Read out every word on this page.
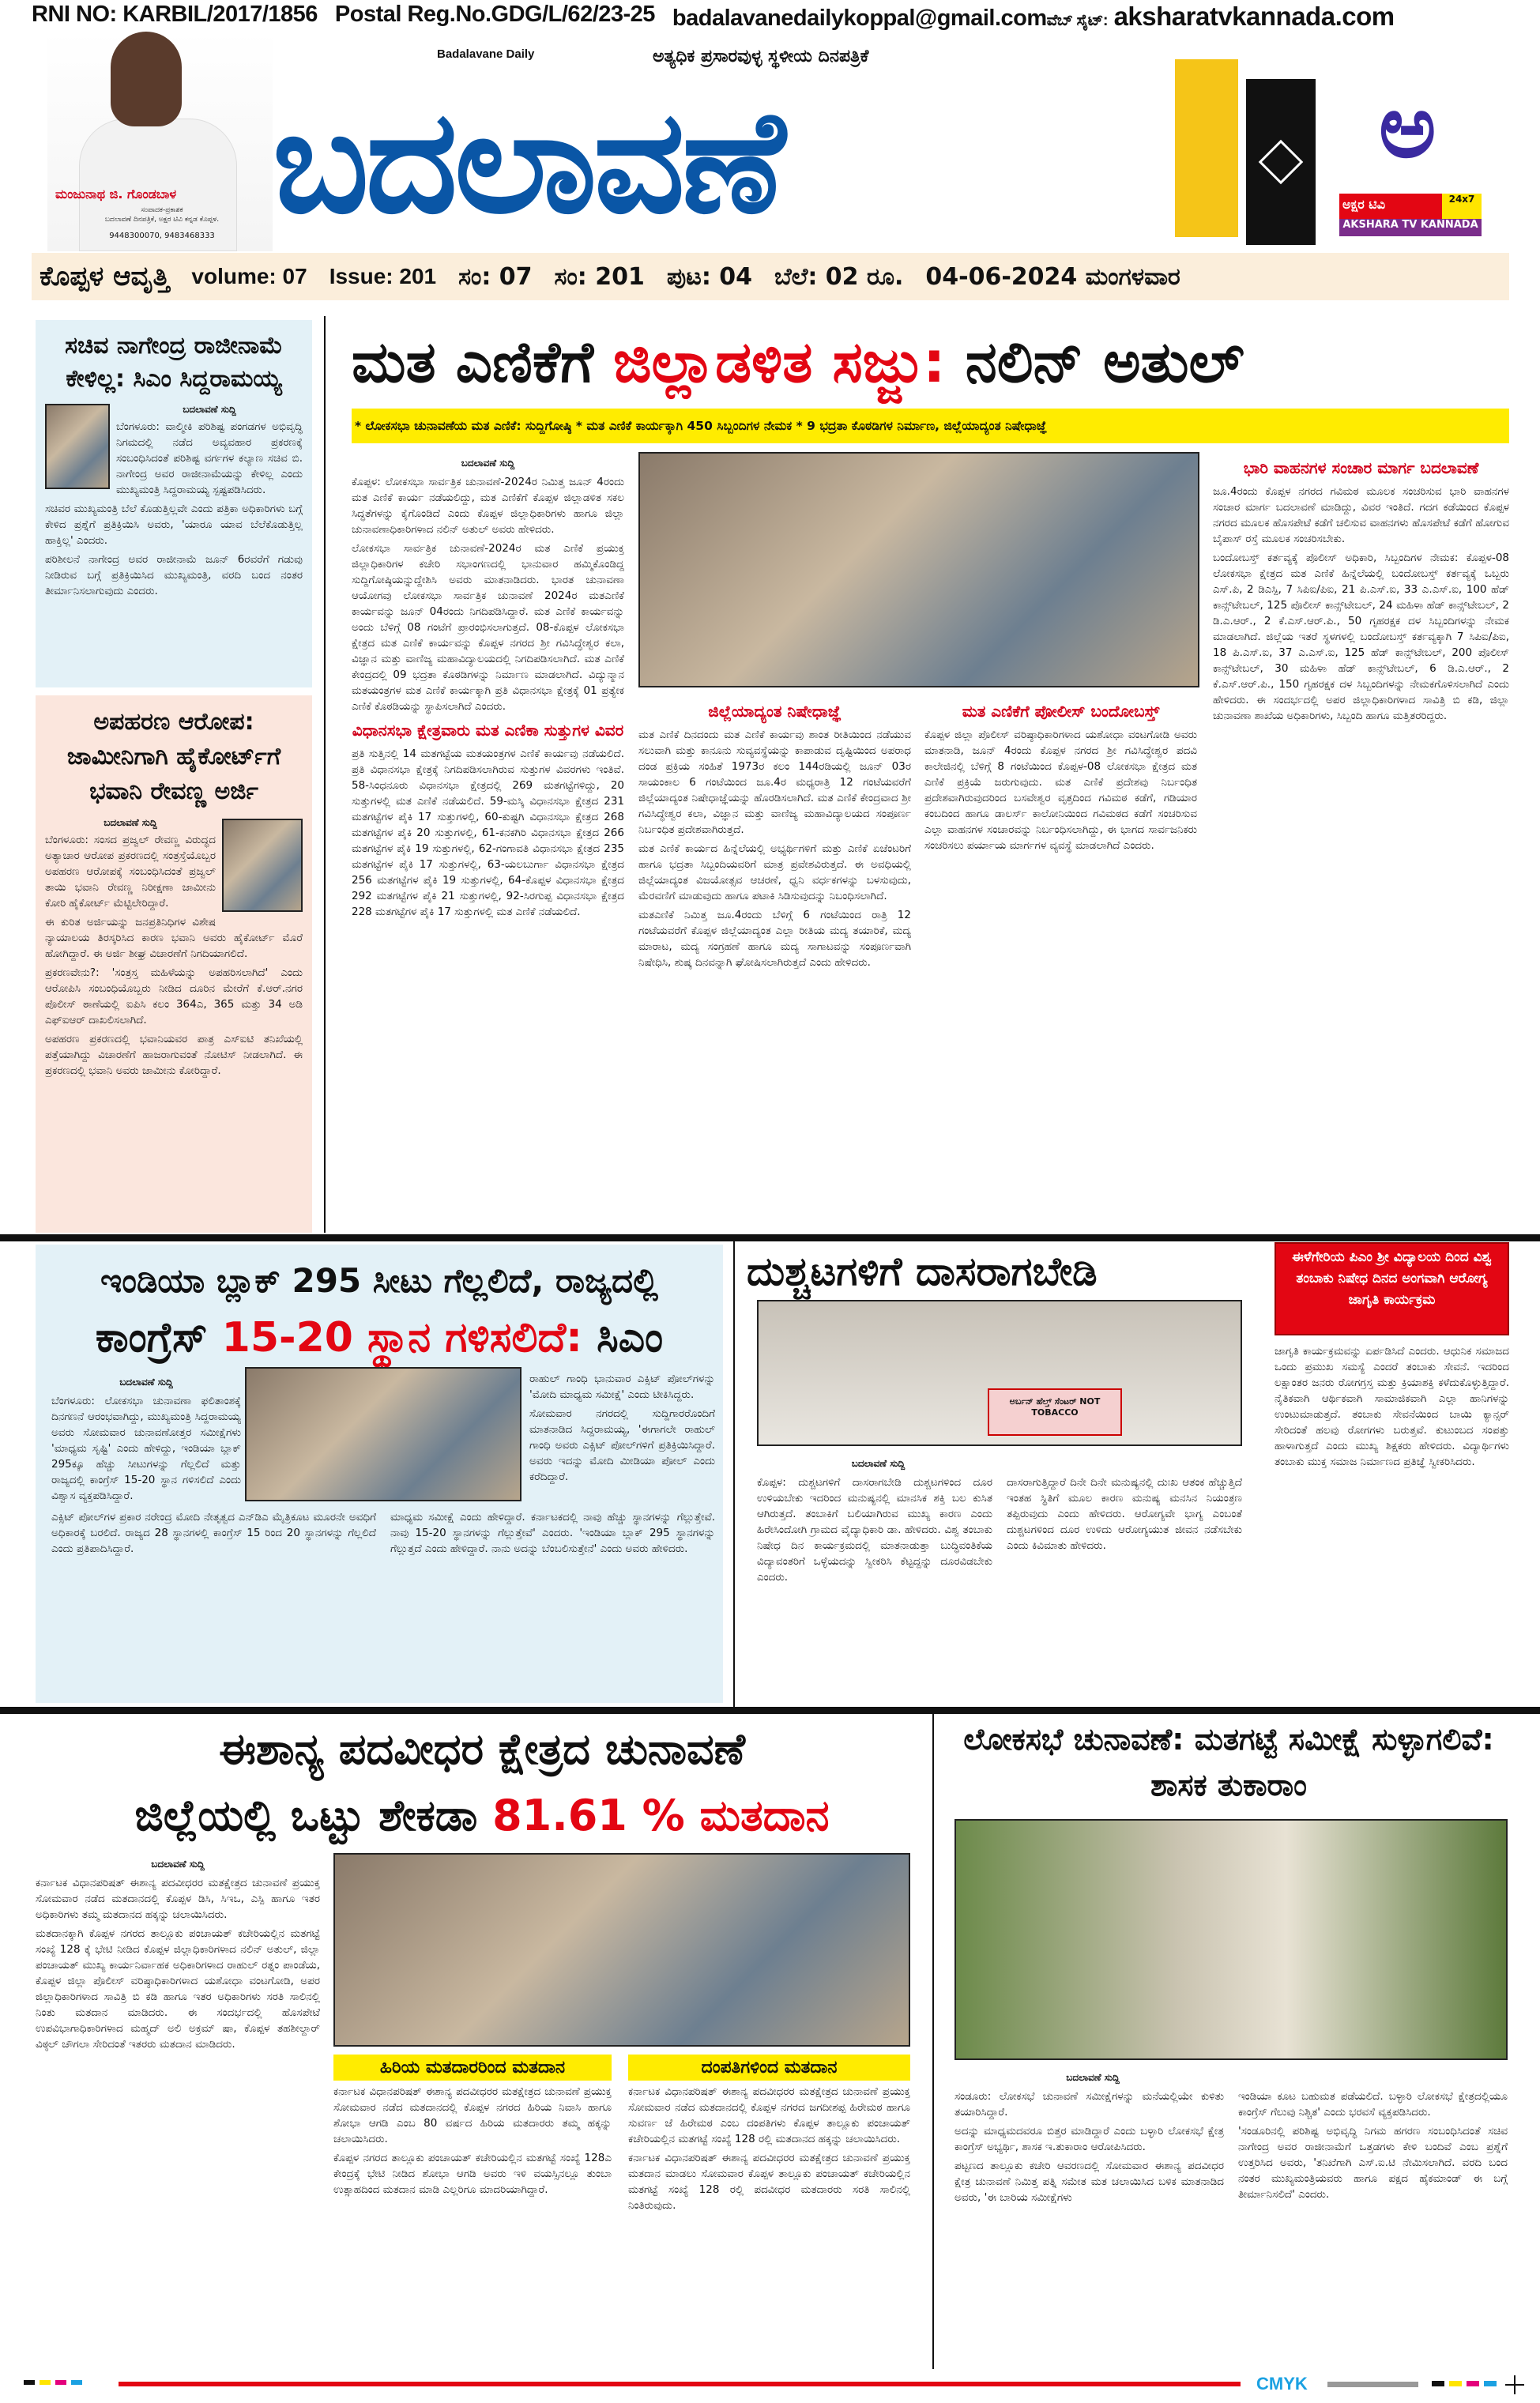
RNI NO: KARBIL/2017/1856 Postal Reg.No.GDG/L/62/23-25 badalavanedailykoppal@gmail.comವೆಬ್ ಸೈಟ್: aksharatvkannada.com
ಮಂಜುನಾಥ ಜಿ. ಗೊಂಡಬಾಳ
ಸಂಪಾದಕ-ಪ್ರಕಾಶಕ
ಬದಲಾವಣೆ ದಿನಪತ್ರಿಕೆ, ಅಕ್ಷರ ಟಿವಿ ಕನ್ನಡ ಕೊಪ್ಪಳ.
9448300070, 9483468333
Badalavane Daily	ಅತ್ಯಧಿಕ ಪ್ರಸಾರವುಳ್ಳ ಸ್ಥಳೀಯ ದಿನಪತ್ರಿಕೆ
ಬದಲಾವಣೆ	ಅ
ಅಕ್ಷರ ಟಿವಿ	24x7
AKSHARA TV KANNADA
ಕೊಪ್ಪಳ ಆವೃತ್ತಿ volume: 07 Issue: 201 ಸಂ: 07 ಸಂ: 201 ಪುಟ: 04 ಬೆಲೆ: 02 ರೂ. 04-06-2024 ಮಂಗಳವಾರ
ಸಚಿವ ನಾಗೇಂದ್ರ ರಾಜೀನಾಮೆ ಕೇಳಿಲ್ಲ: ಸಿಎಂ ಸಿದ್ದರಾಮಯ್ಯ
ಬದಲಾವಣೆ ಸುದ್ದಿ

ಬೆಂಗಳೂರು: ವಾಲ್ಮೀಕಿ ಪರಿಶಿಷ್ಟ ಪಂಗಡಗಳ ಅಭಿವೃದ್ಧಿ ನಿಗಮದಲ್ಲಿ ನಡೆದ ಅವ್ಯವಹಾರ ಪ್ರಕರಣಕ್ಕೆ ಸಂಬಂಧಿಸಿದಂತೆ ಪರಿಶಿಷ್ಟ ವರ್ಗಗಳ ಕಲ್ಯಾಣ ಸಚಿವ ಬಿ. ನಾಗೇಂದ್ರ ಅವರ ರಾಜೀನಾಮೆಯನ್ನು ಕೇಳಿಲ್ಲ ಎಂದು ಮುಖ್ಯಮಂತ್ರಿ ಸಿದ್ದರಾಮಯ್ಯ ಸ್ಪಷ್ಟಪಡಿಸಿದರು.

ಸಚಿವರ ಮುಖ್ಯಮಂತ್ರಿ ಬೆಲೆ ಕೊಡುತ್ತಿಲ್ಲವೇ ಎಂದು ಪತ್ರಿಕಾ ಅಧಿಕಾರಿಗಳು ಬಗ್ಗೆ ಕೇಳಿದ ಪ್ರಶ್ನೆಗೆ ಪ್ರತಿಕ್ರಿಯಿಸಿ ಅವರು, 'ಯಾರೂ ಯಾವ ಬೆಲೆಕೊಡುತ್ತಿಲ್ಲ ಹಾಕ್ತಿಲ್ಲ' ಎಂದರು.

ಪರಿಶೀಲನೆ ನಾಗೇಂದ್ರ ಅವರ ರಾಜೀನಾಮೆ ಜೂನ್ 6ರವರೆಗೆ ಗಡುವು ನೀಡಿರುವ ಬಗ್ಗೆ ಪ್ರತಿಕ್ರಿಯಿಸಿದ ಮುಖ್ಯಮಂತ್ರಿ, ವರದಿ ಬಂದ ನಂತರ ತೀರ್ಮಾನಿಸಲಾಗುವುದು ಎಂದರು.

ಅಪಹರಣ ಆರೋಪ: ಜಾಮೀನಿಗಾಗಿ ಹೈಕೋರ್ಟ್‌ಗೆ ಭವಾನಿ ರೇವಣ್ಣ ಅರ್ಜಿ
ಬದಲಾವಣೆ ಸುದ್ದಿ

ಬೆಂಗಳೂರು: ಸಂಸದ ಪ್ರಜ್ವಲ್ ರೇವಣ್ಣ ವಿರುದ್ಧದ ಅತ್ಯಾಚಾರ ಆರೋಪ ಪ್ರಕರಣದಲ್ಲಿ ಸಂತ್ರಸ್ತೆಯೊಬ್ಬರ ಅಪಹರಣ ಆರೋಪಕ್ಕೆ ಸಂಬಂಧಿಸಿದಂತೆ ಪ್ರಜ್ವಲ್ ತಾಯಿ ಭವಾನಿ ರೇವಣ್ಣ ನಿರೀಕ್ಷಣಾ ಜಾಮೀನು ಕೋರಿ ಹೈಕೋರ್ಟ್ ಮೆಟ್ಟಿಲೇರಿದ್ದಾರೆ.

ಈ ಕುರಿತ ಅರ್ಜಿಯನ್ನು ಜನಪ್ರತಿನಿಧಿಗಳ ವಿಶೇಷ ನ್ಯಾಯಾಲಯ ತಿರಸ್ಕರಿಸಿದ ಕಾರಣ ಭವಾನಿ ಅವರು ಹೈಕೋರ್ಟ್ ಮೊರೆ ಹೋಗಿದ್ದಾರೆ. ಈ ಅರ್ಜಿ ಶೀಘ್ರ ವಿಚಾರಣೆಗೆ ನಿಗದಿಯಾಗಲಿದೆ.

ಪ್ರಕರಣವೇನು?: 'ಸಂತ್ರಸ್ತ ಮಹಿಳೆಯನ್ನು ಅಪಹರಿಸಲಾಗಿದೆ' ಎಂದು ಆರೋಪಿಸಿ ಸಂಬಂಧಿಯೊಬ್ಬರು ನೀಡಿದ ದೂರಿನ ಮೇರೆಗೆ ಕೆ.ಆರ್.ನಗರ ಪೊಲೀಸ್ ಠಾಣೆಯಲ್ಲಿ ಐಪಿಸಿ ಕಲಂ 364ಎ, 365 ಮತ್ತು 34 ಅಡಿ ಎಫ್‌ಐಆರ್ ದಾಖಲಿಸಲಾಗಿದೆ.

ಅಪಹರಣ ಪ್ರಕರಣದಲ್ಲಿ ಭವಾನಿಯವರ ಪಾತ್ರ ಎಸ್‌ಐಟಿ ತನಿಖೆಯಲ್ಲಿ ಪತ್ತೆಯಾಗಿದ್ದು ವಿಚಾರಣೆಗೆ ಹಾಜರಾಗುವಂತೆ ನೋಟಿಸ್ ನೀಡಲಾಗಿದೆ. ಈ ಪ್ರಕರಣದಲ್ಲಿ ಭವಾನಿ ಅವರು ಜಾಮೀನು ಕೋರಿದ್ದಾರೆ.

ಮತ ಎಣಿಕೆಗೆ ಜಿಲ್ಲಾಡಳಿತ ಸಜ್ಜು: ನಲಿನ್ ಅತುಲ್
* ಲೋಕಸಭಾ ಚುನಾವಣೆಯ ಮತ ಎಣಿಕೆ: ಸುದ್ದಿಗೋಷ್ಠಿ * ಮತ ಎಣಿಕೆ ಕಾರ್ಯಕ್ಕಾಗಿ 450 ಸಿಬ್ಬಂದಿಗಳ ನೇಮಕ * 9 ಭದ್ರತಾ ಕೊಠಡಿಗಳ ನಿರ್ಮಾಣ, ಜಿಲ್ಲೆಯಾದ್ಯಂತ ನಿಷೇಧಾಜ್ಞೆ
ಬದಲಾವಣೆ ಸುದ್ದಿ

ಕೊಪ್ಪಳ: ಲೋಕಸಭಾ ಸಾರ್ವತ್ರಿಕ ಚುನಾವಣೆ-2024ರ ನಿಮಿತ್ತ ಜೂನ್ 4ರಂದು ಮತ ಎಣಿಕೆ ಕಾರ್ಯ ನಡೆಯಲಿದ್ದು, ಮತ ಎಣಿಕೆಗೆ ಕೊಪ್ಪಳ ಜಿಲ್ಲಾಡಳಿತ ಸಕಲ ಸಿದ್ಧತೆಗಳನ್ನು ಕೈಗೊಂಡಿದೆ ಎಂದು ಕೊಪ್ಪಳ ಜಿಲ್ಲಾಧಿಕಾರಿಗಳು ಹಾಗೂ ಜಿಲ್ಲಾ ಚುನಾವಣಾಧಿಕಾರಿಗಳಾದ ನಲಿನ್ ಅತುಲ್ ಅವರು ಹೇಳಿದರು.

ಲೋಕಸಭಾ ಸಾರ್ವತ್ರಿಕ ಚುನಾವಣೆ-2024ರ ಮತ ಎಣಿಕೆ ಪ್ರಯುಕ್ತ ಜಿಲ್ಲಾಧಿಕಾರಿಗಳ ಕಚೇರಿ ಸಭಾಂಗಣದಲ್ಲಿ ಭಾನುವಾರ ಹಮ್ಮಿಕೊಂಡಿದ್ದ ಸುದ್ದಿಗೋಷ್ಠಿಯನ್ನುದ್ದೇಶಿಸಿ ಅವರು ಮಾತನಾಡಿದರು. ಭಾರತ ಚುನಾವಣಾ ಆಯೋಗವು ಲೋಕಸಭಾ ಸಾರ್ವತ್ರಿಕ ಚುನಾವಣೆ 2024ರ ಮತಎಣಿಕೆ ಕಾರ್ಯವನ್ನು ಜೂನ್ 04ರಂದು ನಿಗದಿಪಡಿಸಿದ್ದಾರೆ. ಮತ ಎಣಿಕೆ ಕಾರ್ಯವನ್ನು ಅಂದು ಬೆಳಿಗ್ಗೆ 08 ಗಂಟೆಗೆ ಪ್ರಾರಂಭಿಸಲಾಗುತ್ತದೆ. 08-ಕೊಪ್ಪಳ ಲೋಕಸಭಾ ಕ್ಷೇತ್ರದ ಮತ ಎಣಿಕೆ ಕಾರ್ಯವನ್ನು ಕೊಪ್ಪಳ ನಗರದ ಶ್ರೀ ಗವಿಸಿದ್ಧೇಶ್ವರ ಕಲಾ, ವಿಜ್ಞಾನ ಮತ್ತು ವಾಣಿಜ್ಯ ಮಹಾವಿದ್ಯಾಲಯದಲ್ಲಿ ನಿಗದಿಪಡಿಸಲಾಗಿದೆ. ಮತ ಎಣಿಕೆ ಕೇಂದ್ರದಲ್ಲಿ 09 ಭದ್ರತಾ ಕೊಠಡಿಗಳನ್ನು ನಿರ್ಮಾಣ ಮಾಡಲಾಗಿದೆ. ವಿದ್ಯುನ್ಮಾನ ಮತಯಂತ್ರಗಳ ಮತ ಎಣಿಕೆ ಕಾರ್ಯಕ್ಕಾಗಿ ಪ್ರತಿ ವಿಧಾನಸಭಾ ಕ್ಷೇತ್ರಕ್ಕೆ 01 ಪ್ರತ್ಯೇಕ ಎಣಿಕೆ ಕೊಠಡಿಯನ್ನು ಸ್ಥಾಪಿಸಲಾಗಿದೆ ಎಂದರು.

ವಿಧಾನಸಭಾ ಕ್ಷೇತ್ರವಾರು ಮತ ಎಣಿಕಾ ಸುತ್ತುಗಳ ವಿವರ

ಪ್ರತಿ ಸುತ್ತಿನಲ್ಲಿ 14 ಮತಗಟ್ಟೆಯ ಮತಯಂತ್ರಗಳ ಎಣಿಕೆ ಕಾರ್ಯವು ನಡೆಯಲಿದೆ. ಪ್ರತಿ ವಿಧಾನಸಭಾ ಕ್ಷೇತ್ರಕ್ಕೆ ನಿಗದಿಪಡಿಸಲಾಗಿರುವ ಸುತ್ತುಗಳ ವಿವರಗಳು ಇಂತಿವೆ. 58-ಸಿಂಧನೂರು ವಿಧಾನಸಭಾ ಕ್ಷೇತ್ರದಲ್ಲಿ 269 ಮತಗಟ್ಟೆಗಳಿದ್ದು, 20 ಸುತ್ತುಗಳಲ್ಲಿ ಮತ ಎಣಿಕೆ ನಡೆಯಲಿದೆ. 59-ಮಸ್ಕಿ ವಿಧಾನಸಭಾ ಕ್ಷೇತ್ರದ 231 ಮತಗಟ್ಟೆಗಳ ಪೈಕಿ 17 ಸುತ್ತುಗಳಲ್ಲಿ, 60-ಕುಷ್ಟಗಿ ವಿಧಾನಸಭಾ ಕ್ಷೇತ್ರದ 268 ಮತಗಟ್ಟೆಗಳ ಪೈಕಿ 20 ಸುತ್ತುಗಳಲ್ಲಿ, 61-ಕನಕಗಿರಿ ವಿಧಾನಸಭಾ ಕ್ಷೇತ್ರದ 266 ಮತಗಟ್ಟೆಗಳ ಪೈಕಿ 19 ಸುತ್ತುಗಳಲ್ಲಿ, 62-ಗಂಗಾವತಿ ವಿಧಾನಸಭಾ ಕ್ಷೇತ್ರದ 235 ಮತಗಟ್ಟೆಗಳ ಪೈಕಿ 17 ಸುತ್ತುಗಳಲ್ಲಿ, 63-ಯಲಬುರ್ಗಾ ವಿಧಾನಸಭಾ ಕ್ಷೇತ್ರದ 256 ಮತಗಟ್ಟೆಗಳ ಪೈಕಿ 19 ಸುತ್ತುಗಳಲ್ಲಿ, 64-ಕೊಪ್ಪಳ ವಿಧಾನಸಭಾ ಕ್ಷೇತ್ರದ 292 ಮತಗಟ್ಟೆಗಳ ಪೈಕಿ 21 ಸುತ್ತುಗಳಲ್ಲಿ, 92-ಸಿರಗುಪ್ಪ ವಿಧಾನಸಭಾ ಕ್ಷೇತ್ರದ 228 ಮತಗಟ್ಟೆಗಳ ಪೈಕಿ 17 ಸುತ್ತುಗಳಲ್ಲಿ ಮತ ಎಣಿಕೆ ನಡೆಯಲಿದೆ.

ಜಿಲ್ಲೆಯಾದ್ಯಂತ ನಿಷೇಧಾಜ್ಞೆ

ಮತ ಎಣಿಕೆ ದಿನದಂದು ಮತ ಎಣಿಕೆ ಕಾರ್ಯವು ಶಾಂತ ರೀತಿಯಿಂದ ನಡೆಯುವ ಸಲುವಾಗಿ ಮತ್ತು ಕಾನೂನು ಸುವ್ಯವಸ್ಥೆಯನ್ನು ಕಾಪಾಡುವ ದೃಷ್ಟಿಯಿಂದ ಅಪರಾಧ ದಂಡ ಪ್ರಕ್ರಿಯ ಸಂಹಿತೆ 1973ರ ಕಲಂ 144ರಡಿಯಲ್ಲಿ ಜೂನ್ 03ರ ಸಾಯಂಕಾಲ 6 ಗಂಟೆಯಿಂದ ಜೂ.4ರ ಮಧ್ಯರಾತ್ರಿ 12 ಗಂಟೆಯವರೆಗೆ ಜಿಲ್ಲೆಯಾದ್ಯಂತ ನಿಷೇಧಾಜ್ಞೆಯನ್ನು ಹೊರಡಿಸಲಾಗಿದೆ. ಮತ ಎಣಿಕೆ ಕೇಂದ್ರವಾದ ಶ್ರೀ ಗವಿಸಿದ್ಧೇಶ್ವರ ಕಲಾ, ವಿಜ್ಞಾನ ಮತ್ತು ವಾಣಿಜ್ಯ ಮಹಾವಿದ್ಯಾಲಯದ ಸಂಪೂರ್ಣ ನಿರ್ಬಂಧಿತ ಪ್ರದೇಶವಾಗಿರುತ್ತದೆ.

ಮತ ಎಣಿಕೆ ಕಾರ್ಯದ ಹಿನ್ನೆಲೆಯಲ್ಲಿ ಅಭ್ಯರ್ಥಿಗಳಿಗೆ ಮತ್ತು ಎಣಿಕೆ ಏಜೆಂಟರಿಗೆ ಹಾಗೂ ಭದ್ರತಾ ಸಿಬ್ಬಂದಿಯವರಿಗೆ ಮಾತ್ರ ಪ್ರವೇಶವಿರುತ್ತದೆ. ಈ ಅವಧಿಯಲ್ಲಿ ಜಿಲ್ಲೆಯಾದ್ಯಂತ ವಿಜಯೋತ್ಸವ ಆಚರಣೆ, ಧ್ವನಿ ವರ್ಧಕಗಳನ್ನು ಬಳಸುವುದು, ಮೆರವಣಿಗೆ ಮಾಡುವುದು ಹಾಗೂ ಪಟಾಕಿ ಸಿಡಿಸುವುದನ್ನು ನಿಬಂಧಿಸಲಾಗಿದೆ.

ಮತಎಣಿಕೆ ನಿಮಿತ್ತ ಜೂ.4ರಂದು ಬೆಳಿಗ್ಗೆ 6 ಗಂಟೆಯಿಂದ ರಾತ್ರಿ 12 ಗಂಟೆಯವರೆಗೆ ಕೊಪ್ಪಳ ಜಿಲ್ಲೆಯಾದ್ಯಂತ ಎಲ್ಲಾ ರೀತಿಯ ಮದ್ಯ ತಯಾರಿಕೆ, ಮದ್ಯ ಮಾರಾಟ, ಮದ್ಯ ಸಂಗ್ರಹಣೆ ಹಾಗೂ ಮದ್ಯ ಸಾಗಾಟವನ್ನು ಸಂಪೂರ್ಣವಾಗಿ ನಿಷೇಧಿಸಿ, ಶುಷ್ಕ ದಿನವನ್ನಾಗಿ ಘೋಷಿಸಲಾಗಿರುತ್ತದೆ ಎಂದು ಹೇಳಿದರು.

ಮತ ಎಣಿಕೆಗೆ ಪೋಲೀಸ್ ಬಂದೋಬಸ್ತ್

ಕೊಪ್ಪಳ ಜಿಲ್ಲಾ ಪೊಲೀಸ್ ವರಿಷ್ಠಾಧಿಕಾರಿಗಳಾದ ಯಶೋಧಾ ವಂಟಗೋಡಿ ಅವರು ಮಾತನಾಡಿ, ಜೂನ್ 4ರಂದು ಕೊಪ್ಪಳ ನಗರದ ಶ್ರೀ ಗವಿಸಿದ್ಧೇಶ್ವರ ಪದವಿ ಕಾಲೇಜಿನಲ್ಲಿ ಬೆಳಿಗ್ಗೆ 8 ಗಂಟೆಯಿಂದ ಕೊಪ್ಪಳ-08 ಲೋಕಸಭಾ ಕ್ಷೇತ್ರದ ಮತ ಎಣಿಕೆ ಪ್ರಕ್ರಿಯೆ ಜರುಗುವುದು. ಮತ ಎಣಿಕೆ ಪ್ರದೇಶವು ನಿರ್ಬಂಧಿತ ಪ್ರದೇಶವಾಗಿರುವುದರಿಂದ ಬಸವೇಶ್ವರ ವೃತ್ತದಿಂದ ಗವಿಮಠ ಕಡೆಗೆ, ಗಡಿಯಾರ ಕಂಬದಿಂದ ಹಾಗೂ ಡಾಲರ್ಸ್ ಕಾಲೋನಿಯಿಂದ ಗವಿಮಠದ ಕಡೆಗೆ ಸಂಚರಿಸುವ ಎಲ್ಲಾ ವಾಹನಗಳ ಸಂಚಾರವನ್ನು ನಿರ್ಬಂಧಿಸಲಾಗಿದ್ದು, ಈ ಭಾಗದ ಸಾರ್ವಜನಿಕರು ಸಂಚರಿಸಲು ಪರ್ಯಾಯ ಮಾರ್ಗಗಳ ವ್ಯವಸ್ಥೆ ಮಾಡಲಾಗಿದೆ ಎಂದರು.

ಭಾರಿ ವಾಹನಗಳ ಸಂಚಾರ ಮಾರ್ಗ ಬದಲಾವಣೆ

ಜೂ.4ರಂದು ಕೊಪ್ಪಳ ನಗರದ ಗವಿಮಠ ಮೂಲಕ ಸಂಚರಿಸುವ ಭಾರಿ ವಾಹನಗಳ ಸಂಚಾರ ಮಾರ್ಗ ಬದಲಾವಣೆ ಮಾಡಿದ್ದು, ವಿವರ ಇಂತಿದೆ. ಗದಗ ಕಡೆಯಿಂದ ಕೊಪ್ಪಳ ನಗರದ ಮೂಲಕ ಹೊಸಪೇಟೆ ಕಡೆಗೆ ಚಲಿಸುವ ವಾಹನಗಳು ಹೊಸಪೇಟೆ ಕಡೆಗೆ ಹೋಗುವ ಬೈಪಾಸ್ ರಸ್ತೆ ಮೂಲಕ ಸಂಚರಿಸಬೇಕು.

ಬಂದೋಬಸ್ತ್ ಕರ್ತವ್ಯಕ್ಕೆ ಪೊಲೀಸ್ ಅಧಿಕಾರಿ, ಸಿಬ್ಬಂದಿಗಳ ನೇಮಕ: ಕೊಪ್ಪಳ-08 ಲೋಕಸಭಾ ಕ್ಷೇತ್ರದ ಮತ ಎಣಿಕೆ ಹಿನ್ನೆಲೆಯಲ್ಲಿ ಬಂದೋಬಸ್ತ್ ಕರ್ತವ್ಯಕ್ಕೆ ಒಬ್ಬರು ಎಸ್.ಪಿ, 2 ಡಿಎಸ್ಪಿ, 7 ಸಿಪಿಐ/ಪಿಐ, 21 ಪಿ.ಎಸ್.ಐ, 33 ಎ.ಎಸ್.ಐ, 100 ಹೆಡ್ ಕಾನ್ಸ್‌ಟೇಬಲ್, 125 ಪೊಲೀಸ್ ಕಾನ್ಸ್‌ಟೇಬಲ್, 24 ಮಹಿಳಾ ಹೆಡ್ ಕಾನ್ಸ್‌ಟೇಬಲ್, 2 ಡಿ.ಎ.ಆರ್., 2 ಕೆ.ಎಸ್.ಆರ್.ಪಿ., 50 ಗೃಹರಕ್ಷಕ ದಳ ಸಿಬ್ಬಂದಿಗಳನ್ನು ನೇಮಕ ಮಾಡಲಾಗಿದೆ. ಜಿಲ್ಲೆಯ ಇತರೆ ಸ್ಥಳಗಳಲ್ಲಿ ಬಂದೋಬಸ್ತ್ ಕರ್ತವ್ಯಕ್ಕಾಗಿ 7 ಸಿಪಿಐ/ಪಿಐ, 18 ಪಿ.ಎಸ್.ಐ, 37 ಎ.ಎಸ್.ಐ, 125 ಹೆಡ್ ಕಾನ್ಸ್‌ಟೇಬಲ್, 200 ಪೊಲೀಸ್ ಕಾನ್ಸ್‌ಟೇಬಲ್, 30 ಮಹಿಳಾ ಹೆಡ್ ಕಾನ್ಸ್‌ಟೇಬಲ್, 6 ಡಿ.ಎ.ಆರ್., 2 ಕೆ.ಎಸ್.ಆರ್.ಪಿ., 150 ಗೃಹರಕ್ಷಕ ದಳ ಸಿಬ್ಬಂದಿಗಳನ್ನು ನೇಮಕಗೊಳಿಸಲಾಗಿದೆ ಎಂದು ಹೇಳಿದರು. ಈ ಸಂದರ್ಭದಲ್ಲಿ ಅಪರ ಜಿಲ್ಲಾಧಿಕಾರಿಗಳಾದ ಸಾವಿತ್ರಿ ಬಿ ಕಡಿ, ಜಿಲ್ಲಾ ಚುನಾವಣಾ ಶಾಖೆಯ ಅಧಿಕಾರಿಗಳು, ಸಿಬ್ಬಂದಿ ಹಾಗೂ ಮತ್ತಿತರರಿದ್ದರು.

ಇಂಡಿಯಾ ಬ್ಲಾಕ್ 295 ಸೀಟು ಗೆಲ್ಲಲಿದೆ, ರಾಜ್ಯದಲ್ಲಿ
ಕಾಂಗ್ರೆಸ್ 15-20 ಸ್ಥಾನ ಗಳಿಸಲಿದೆ: ಸಿಎಂ
ಬದಲಾವಣೆ ಸುದ್ದಿ

ಬೆಂಗಳೂರು: ಲೋಕಸಭಾ ಚುನಾವಣಾ ಫಲಿತಾಂಶಕ್ಕೆ ದಿನಗಣನೆ ಆರಂಭವಾಗಿದ್ದು, ಮುಖ್ಯಮಂತ್ರಿ ಸಿದ್ದರಾಮಯ್ಯ ಅವರು ಸೋಮವಾರ ಚುನಾವಣೋತ್ತರ ಸಮೀಕ್ಷೆಗಳು 'ಮಾಧ್ಯಮ ಸೃಷ್ಟಿ' ಎಂದು ಹೇಳಿದ್ದು, ಇಂಡಿಯಾ ಬ್ಲಾಕ್ 295ಕ್ಕೂ ಹೆಚ್ಚು ಸೀಟುಗಳನ್ನು ಗೆಲ್ಲಲಿದೆ ಮತ್ತು ರಾಜ್ಯದಲ್ಲಿ ಕಾಂಗ್ರೆಸ್ 15-20 ಸ್ಥಾನ ಗಳಿಸಲಿದೆ ಎಂದು ವಿಶ್ವಾಸ ವ್ಯಕ್ತಪಡಿಸಿದ್ದಾರೆ.

ರಾಹುಲ್ ಗಾಂಧಿ ಭಾನುವಾರ ಎಕ್ಸಿಟ್ ಪೋಲ್‌ಗಳನ್ನು 'ಮೋದಿ ಮಾಧ್ಯಮ ಸಮೀಕ್ಷೆ' ಎಂದು ಟೀಕಿಸಿದ್ದರು.

ಸೋಮವಾರ ನಗರದಲ್ಲಿ ಸುದ್ದಿಗಾರರೊಂದಿಗೆ ಮಾತನಾಡಿದ ಸಿದ್ದರಾಮಯ್ಯ, 'ಈಗಾಗಲೇ ರಾಹುಲ್ ಗಾಂಧಿ ಅವರು ಎಕ್ಸಿಟ್ ಪೋಲ್‌ಗಳಿಗೆ ಪ್ರತಿಕ್ರಿಯಿಸಿದ್ದಾರೆ. ಅವರು ಇದನ್ನು ಮೋದಿ ಮೀಡಿಯಾ ಪೋಲ್ ಎಂದು ಕರೆದಿದ್ದಾರೆ.

ಎಕ್ಸಿಟ್ ಪೋಲ್‌ಗಳ ಪ್ರಕಾರ ನರೇಂದ್ರ ಮೋದಿ ನೇತೃತ್ವದ ಎನ್‌ಡಿಎ ಮೈತ್ರಿಕೂಟ ಮೂರನೇ ಅವಧಿಗೆ ಅಧಿಕಾರಕ್ಕೆ ಬರಲಿದೆ. ರಾಜ್ಯದ 28 ಸ್ಥಾನಗಳಲ್ಲಿ ಕಾಂಗ್ರೆಸ್ 15 ರಿಂದ 20 ಸ್ಥಾನಗಳನ್ನು ಗೆಲ್ಲಲಿದೆ ಎಂದು ಪ್ರತಿಪಾದಿಸಿದ್ದಾರೆ.

ಮಾಧ್ಯಮ ಸಮೀಕ್ಷೆ ಎಂದು ಹೇಳಿದ್ದಾರೆ. ಕರ್ನಾಟಕದಲ್ಲಿ ನಾವು ಹೆಚ್ಚು ಸ್ಥಾನಗಳನ್ನು ಗೆಲ್ಲುತ್ತೇವೆ. ನಾವು 15-20 ಸ್ಥಾನಗಳನ್ನು ಗೆಲ್ಲುತ್ತೇವೆ' ಎಂದರು. 'ಇಂಡಿಯಾ ಬ್ಲಾಕ್ 295 ಸ್ಥಾನಗಳನ್ನು ಗೆಲ್ಲುತ್ತದೆ ಎಂದು ಹೇಳಿದ್ದಾರೆ. ನಾನು ಅದನ್ನು ಬೆಂಬಲಿಸುತ್ತೇನೆ' ಎಂದು ಅವರು ಹೇಳಿದರು.

ದುಶ್ಚಟಗಳಿಗೆ ದಾಸರಾಗಬೇಡಿ
ಅರ್ಬನ್ ಹೆಲ್ತ್ ಸೆಂಟರ್ NOT TOBACCO
ಬದಲಾವಣೆ ಸುದ್ದಿ

ಕೊಪ್ಪಳ: ದುಶ್ಚಟಗಳಿಗೆ ದಾಸರಾಗಬೇಡಿ ದುಶ್ಚಟಗಳಿಂದ ದೂರ ಉಳಿಯಬೇಕು ಇದರಿಂದ ಮನುಷ್ಯನಲ್ಲಿ ಮಾನಸಿಕ ಶಕ್ತಿ ಬಲ ಕುಸಿತ ಆಗಿರುತ್ತದೆ. ತಂಬಾಕಿಗೆ ಬಲಿಯಾಗಿರುವ ಮುಖ್ಯ ಕಾರಣ ಎಂದು ಹಿರೇಸಿಂದೋಗಿ ಗ್ರಾಮದ ವೈದ್ಯಾಧಿಕಾರಿ ಡಾ. ಹೇಳಿದರು. ವಿಶ್ವ ತಂಬಾಕು ನಿಷೇಧ ದಿನ ಕಾರ್ಯಕ್ರಮದಲ್ಲಿ ಮಾತನಾಡುತ್ತಾ ಬುದ್ಧಿವಂತಿಕೆಯ ವಿದ್ಯಾವಂತರಿಗೆ ಒಳ್ಳೆಯದನ್ನು ಸ್ವೀಕರಿಸಿ ಕೆಟ್ಟದ್ದನ್ನು ದೂರವಿಡಬೇಕು ಎಂದರು.

ದಾಸರಾಗುತ್ತಿದ್ದಾರೆ ದಿನೇ ದಿನೇ ಮನುಷ್ಯನಲ್ಲಿ ದುಃಖ ಆತಂಕ ಹೆಚ್ಚುತ್ತಿದೆ ಇಂತಹ ಸ್ಥಿತಿಗೆ ಮೂಲ ಕಾರಣ ಮನುಷ್ಯ ಮನಸಿನ ನಿಯಂತ್ರಣ ತಪ್ಪಿರುವುದು ಎಂದು ಹೇಳಿದರು. ಆರೋಗ್ಯವೇ ಭಾಗ್ಯ ಎಂಬಂತೆ ದುಶ್ಚಟಗಳಿಂದ ದೂರ ಉಳಿದು ಆರೋಗ್ಯಯುತ ಜೀವನ ನಡೆಸಬೇಕು ಎಂದು ಕಿವಿಮಾತು ಹೇಳಿದರು.

ಈಳೆಗೇರಿಯ ಪಿಎಂ ಶ್ರೀ ವಿದ್ಯಾಲಯ ದಿಂದ ವಿಶ್ವ ತಂಬಾಕು ನಿಷೇಧ ದಿನದ ಅಂಗವಾಗಿ ಆರೋಗ್ಯ ಜಾಗೃತಿ ಕಾರ್ಯಕ್ರಮ

ಜಾಗೃತಿ ಕಾರ್ಯಕ್ರಮವನ್ನು ಏರ್ಪಡಿಸಿದೆ ಎಂದರು. ಆಧುನಿಕ ಸಮಾಜದ ಒಂದು ಪ್ರಮುಖ ಸಮಸ್ಯೆ ಎಂದರೆ ತಂಬಾಕು ಸೇವನೆ. ಇದರಿಂದ ಲಕ್ಷಾಂತರ ಜನರು ರೋಗಗ್ರಸ್ತ ಮತ್ತು ಕ್ರಿಯಾಶಕ್ತಿ ಕಳೆದುಕೊಳ್ಳುತ್ತಿದ್ದಾರೆ. ನೈತಿಕವಾಗಿ ಆರ್ಥಿಕವಾಗಿ ಸಾಮಾಜಿಕವಾಗಿ ಎಲ್ಲಾ ಹಾನಿಗಳನ್ನು ಉಂಟುಮಾಡುತ್ತದೆ. ತಂಬಾಕು ಸೇವನೆಯಿಂದ ಬಾಯಿ ಕ್ಯಾನ್ಸರ್ ಸೇರಿದಂತೆ ಹಲವು ರೋಗಗಳು ಬರುತ್ತವೆ. ಕುಟುಂಬದ ಸಂಪತ್ತು ಹಾಳಾಗುತ್ತದೆ ಎಂದು ಮುಖ್ಯ ಶಿಕ್ಷಕರು ಹೇಳಿದರು. ವಿದ್ಯಾರ್ಥಿಗಳು ತಂಬಾಕು ಮುಕ್ತ ಸಮಾಜ ನಿರ್ಮಾಣದ ಪ್ರತಿಜ್ಞೆ ಸ್ವೀಕರಿಸಿದರು.

ಈಶಾನ್ಯ ಪದವೀಧರ ಕ್ಷೇತ್ರದ ಚುನಾವಣೆ
ಜಿಲ್ಲೆಯಲ್ಲಿ ಒಟ್ಟು ಶೇಕಡಾ 81.61 % ಮತದಾನ
ಬದಲಾವಣೆ ಸುದ್ದಿ

ಕರ್ನಾಟಕ ವಿಧಾನಪರಿಷತ್ ಈಶಾನ್ಯ ಪದವೀಧರರ ಮತಕ್ಷೇತ್ರದ ಚುನಾವಣೆ ಪ್ರಯುಕ್ತ ಸೋಮವಾರ ನಡೆದ ಮತದಾನದಲ್ಲಿ ಕೊಪ್ಪಳ ಡಿಸಿ, ಸಿಇಒ, ಎಸ್ಪಿ ಹಾಗೂ ಇತರ ಅಧಿಕಾರಿಗಳು ತಮ್ಮ ಮತದಾನದ ಹಕ್ಕನ್ನು ಚಲಾಯಿಸಿದರು.

ಮತದಾನಕ್ಕಾಗಿ ಕೊಪ್ಪಳ ನಗರದ ತಾಲ್ಲೂಕು ಪಂಚಾಯತ್ ಕಚೇರಿಯಲ್ಲಿನ ಮತಗಟ್ಟೆ ಸಂಖ್ಯೆ 128 ಕ್ಕೆ ಭೇಟಿ ನೀಡಿದ ಕೊಪ್ಪಳ ಜಿಲ್ಲಾಧಿಕಾರಿಗಳಾದ ನಲಿನ್ ಅತುಲ್, ಜಿಲ್ಲಾ ಪಂಚಾಯತ್ ಮುಖ್ಯ ಕಾರ್ಯನಿರ್ವಾಹಕ ಅಧಿಕಾರಿಗಳಾದ ರಾಹುಲ್ ರತ್ನಂ ಪಾಂಡೆಯ, ಕೊಪ್ಪಳ ಜಿಲ್ಲಾ ಪೊಲೀಸ್ ವರಿಷ್ಠಾಧಿಕಾರಿಗಳಾದ ಯಶೋಧಾ ವಂಟಗೋಡಿ, ಅಪರ ಜಿಲ್ಲಾಧಿಕಾರಿಗಳಾದ ಸಾವಿತ್ರಿ ಬಿ ಕಡಿ ಹಾಗೂ ಇತರ ಅಧಿಕಾರಿಗಳು ಸರತಿ ಸಾಲಿನಲ್ಲಿ ನಿಂತು ಮತದಾನ ಮಾಡಿದರು. ಈ ಸಂದರ್ಭದಲ್ಲಿ ಹೊಸಪೇಟೆ ಉಪವಿಭಾಗಾಧಿಕಾರಿಗಳಾದ ಮಹ್ಮದ್ ಅಲಿ ಅಕ್ರಮ್ ಷಾ, ಕೊಪ್ಪಳ ತಹಶೀಲ್ದಾರ್ ವಿಠ್ಠಲ್ ಚೌಗಲಾ ಸೇರಿದಂತೆ ಇತರರು ಮತದಾನ ಮಾಡಿದರು.

ಹಿರಿಯ ಮತದಾರರಿಂದ ಮತದಾನ

ಕರ್ನಾಟಕ ವಿಧಾನಪರಿಷತ್ ಈಶಾನ್ಯ ಪದವೀಧರರ ಮತಕ್ಷೇತ್ರದ ಚುನಾವಣೆ ಪ್ರಯುಕ್ತ ಸೋಮವಾರ ನಡೆದ ಮತದಾನದಲ್ಲಿ ಕೊಪ್ಪಳ ನಗರದ ಹಿರಿಯ ನಿವಾಸಿ ಹಾಗೂ ಶೋಭಾ ಆಗಡಿ ಎಂಬ 80 ವರ್ಷದ ಹಿರಿಯ ಮತದಾರರು ತಮ್ಮ ಹಕ್ಕನ್ನು ಚಲಾಯಿಸಿದರು.

ಕೊಪ್ಪಳ ನಗರದ ತಾಲ್ಲೂಕು ಪಂಚಾಯತ್ ಕಚೇರಿಯಲ್ಲಿನ ಮತಗಟ್ಟೆ ಸಂಖ್ಯೆ 128ಎ ಕೇಂದ್ರಕ್ಕೆ ಭೇಟಿ ನೀಡಿದ ಶೋಭಾ ಆಗಡಿ ಅವರು ಇಳಿ ವಯಸ್ಸಿನಲ್ಲೂ ತುಂಬಾ ಉತ್ಸಾಹದಿಂದ ಮತದಾನ ಮಾಡಿ ಎಲ್ಲರಿಗೂ ಮಾದರಿಯಾಗಿದ್ದಾರೆ.

ದಂಪತಿಗಳಿಂದ ಮತದಾನ

ಕರ್ನಾಟಕ ವಿಧಾನಪರಿಷತ್ ಈಶಾನ್ಯ ಪದವೀಧರರ ಮತಕ್ಷೇತ್ರದ ಚುನಾವಣೆ ಪ್ರಯುಕ್ತ ಸೋಮವಾರ ನಡೆದ ಮತದಾನದಲ್ಲಿ ಕೊಪ್ಪಳ ನಗರದ ಜಗದೀಶಪ್ಪ ಹಿರೇಮಠ ಹಾಗೂ ಸುವರ್ಣ ಜೆ ಹಿರೇಮಠ ಎಂಬ ದಂಪತಿಗಳು ಕೊಪ್ಪಳ ತಾಲ್ಲೂಕು ಪಂಚಾಯತ್ ಕಚೇರಿಯಲ್ಲಿನ ಮತಗಟ್ಟೆ ಸಂಖ್ಯೆ 128 ರಲ್ಲಿ ಮತದಾನದ ಹಕ್ಕನ್ನು ಚಲಾಯಿಸಿದರು.

ಕರ್ನಾಟಕ ವಿಧಾನಪರಿಷತ್ ಈಶಾನ್ಯ ಪದವೀಧರರ ಮತಕ್ಷೇತ್ರದ ಚುನಾವಣೆ ಪ್ರಯುಕ್ತ ಮತದಾನ ಮಾಡಲು ಸೋಮವಾರ ಕೊಪ್ಪಳ ತಾಲ್ಲೂಕು ಪಂಚಾಯತ್ ಕಚೇರಿಯಲ್ಲಿನ ಮತಗಟ್ಟೆ ಸಂಖ್ಯೆ 128 ರಲ್ಲಿ ಪದವೀಧರ ಮತದಾರರು ಸರತಿ ಸಾಲಿನಲ್ಲಿ ನಿಂತಿರುವುದು.

ಲೋಕಸಭೆ ಚುನಾವಣೆ: ಮತಗಟ್ಟೆ ಸಮೀಕ್ಷೆ ಸುಳ್ಳಾಗಲಿವೆ: ಶಾಸಕ ತುಕಾರಾಂ
ಬದಲಾವಣೆ ಸುದ್ದಿ

ಸಂಡೂರು: ಲೋಕಸಭೆ ಚುನಾವಣೆ ಸಮೀಕ್ಷೆಗಳನ್ನು ಮನೆಯಲ್ಲಿಯೇ ಕುಳಿತು ತಯಾರಿಸಿದ್ದಾರೆ.

ಅದನ್ನು ಮಾಧ್ಯಮದವರೂ ಬಿತ್ತರ ಮಾಡಿದ್ದಾರೆ ಎಂದು ಬಳ್ಳಾರಿ ಲೋಕಸಭೆ ಕ್ಷೇತ್ರ ಕಾಂಗ್ರೆಸ್ ಅಭ್ಯರ್ಥಿ, ಶಾಸಕ ಇ.ತುಕಾರಾಂ ಆರೋಪಿಸಿದರು.

ಪಟ್ಟಣದ ತಾಲ್ಲೂಕು ಕಚೇರಿ ಆವರಣದಲ್ಲಿ ಸೋಮವಾರ ಈಶಾನ್ಯ ಪದವೀಧರ ಕ್ಷೇತ್ರ ಚುನಾವಣೆ ನಿಮಿತ್ತ ಪತ್ನಿ ಸಮೇತ ಮತ ಚಲಾಯಿಸಿದ ಬಳಿಕ ಮಾತನಾಡಿದ ಅವರು, 'ಈ ಬಾರಿಯ ಸಮೀಕ್ಷೆಗಳು

ಇಂಡಿಯಾ ಕೂಟ ಬಹುಮತ ಪಡೆಯಲಿದೆ. ಬಳ್ಳಾರಿ ಲೋಕಸಭೆ ಕ್ಷೇತ್ರದಲ್ಲಿಯೂ ಕಾಂಗ್ರೆಸ್ ಗೆಲುವು ನಿಶ್ಚಿತ' ಎಂದು ಭರವಸೆ ವ್ಯಕ್ತಪಡಿಸಿದರು.

'ಸಂಡೂರಿನಲ್ಲಿ ಪರಿಶಿಷ್ಟ ಅಭಿವೃದ್ಧಿ ನಿಗಮ ಹಗರಣ ಸಂಬಂಧಿಸಿದಂತೆ ಸಚಿವ ನಾಗೇಂದ್ರ ಅವರ ರಾಜೀನಾಮೆಗೆ ಒತ್ತಡಗಳು ಕೇಳಿ ಬಂದಿವೆ ಎಂಬ ಪ್ರಶ್ನೆಗೆ ಉತ್ತರಿಸಿದ ಅವರು, 'ತನಿಖೆಗಾಗಿ ಎಸ್.ಐ.ಟಿ ನೇಮಿಸಲಾಗಿದೆ. ವರದಿ ಬಂದ ನಂತರ ಮುಖ್ಯಮಂತ್ರಿಯವರು ಹಾಗೂ ಪಕ್ಷದ ಹೈಕಮಾಂಡ್ ಈ ಬಗ್ಗೆ ತೀರ್ಮಾನಿಸಲಿದೆ' ಎಂದರು.

CMYK
